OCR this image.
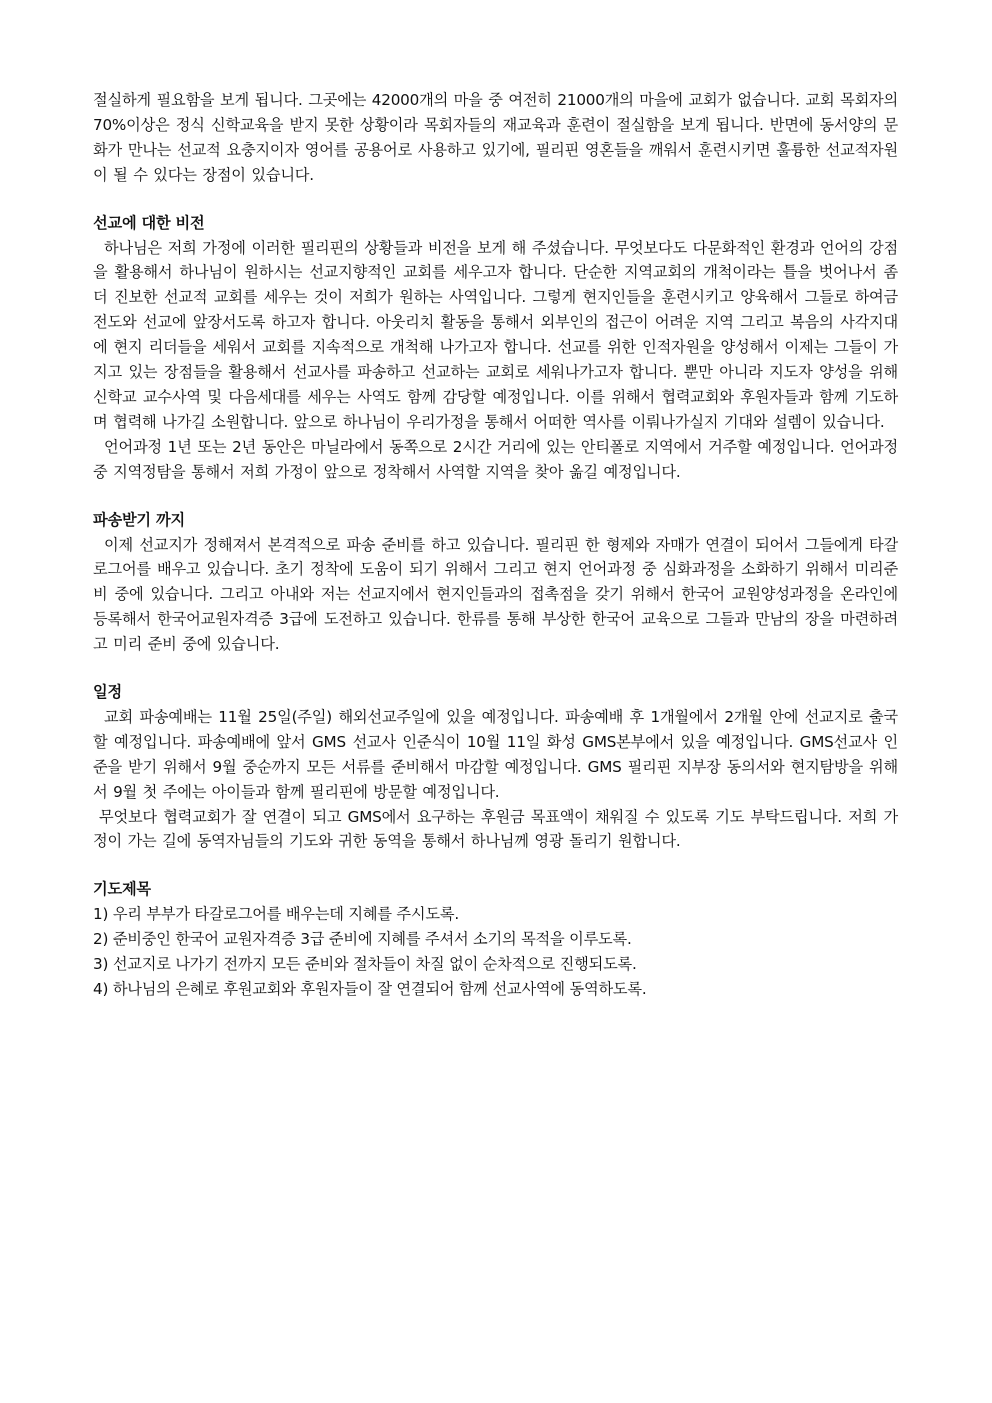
절실하게 필요함을 보게 됩니다. 그곳에는 42000개의 마을 중 여전히 21000개의 마을에 교회가 없습니다. 교회 목회자의 70%이상은 정식 신학교육을 받지 못한 상황이라 목회자들의 재교육과 훈련이 절실함을 보게 됩니다. 반면에 동서양의 문화가 만나는 선교적 요충지이자 영어를 공용어로 사용하고 있기에, 필리핀 영혼들을 깨워서 훈련시키면 훌륭한 선교적자원이 될 수 있다는 장점이 있습니다.

선교에 대한 비전

하나님은 저희 가정에 이러한 필리핀의 상황들과 비전을 보게 해 주셨습니다. 무엇보다도 다문화적인 환경과 언어의 강점을 활용해서 하나님이 원하시는 선교지향적인 교회를 세우고자 합니다. 단순한 지역교회의 개척이라는 틀을 벗어나서 좀 더 진보한 선교적 교회를 세우는 것이 저희가 원하는 사역입니다. 그렇게 현지인들을 훈련시키고 양육해서 그들로 하여금 전도와 선교에 앞장서도록 하고자 합니다. 아웃리치 활동을 통해서 외부인의 접근이 어려운 지역 그리고 복음의 사각지대에 현지 리더들을 세워서 교회를 지속적으로 개척해 나가고자 합니다. 선교를 위한 인적자원을 양성해서 이제는 그들이 가지고 있는 장점들을 활용해서 선교사를 파송하고 선교하는 교회로 세워나가고자 합니다. 뿐만 아니라 지도자 양성을 위해 신학교 교수사역 및 다음세대를 세우는 사역도 함께 감당할 예정입니다. 이를 위해서 협력교회와 후원자들과 함께 기도하며 협력해 나가길 소원합니다. 앞으로 하나님이 우리가정을 통해서 어떠한 역사를 이뤄나가실지 기대와 설렘이 있습니다.

언어과정 1년 또는 2년 동안은 마닐라에서 동쪽으로 2시간 거리에 있는 안티폴로 지역에서 거주할 예정입니다. 언어과정 중 지역정탐을 통해서 저희 가정이 앞으로 정착해서 사역할 지역을 찾아 옮길 예정입니다.

파송받기 까지

이제 선교지가 정해져서 본격적으로 파송 준비를 하고 있습니다. 필리핀 한 형제와 자매가 연결이 되어서 그들에게 타갈로그어를 배우고 있습니다. 초기 정착에 도움이 되기 위해서 그리고 현지 언어과정 중 심화과정을 소화하기 위해서 미리준비 중에 있습니다. 그리고 아내와 저는 선교지에서 현지인들과의 접촉점을 갖기 위해서 한국어 교원양성과정을 온라인에 등록해서 한국어교원자격증 3급에 도전하고 있습니다. 한류를 통해 부상한 한국어 교육으로 그들과 만남의 장을 마련하려고 미리 준비 중에 있습니다.

일정

교회 파송예배는 11월 25일(주일) 해외선교주일에 있을 예정입니다. 파송예배 후 1개월에서 2개월 안에 선교지로 출국할 예정입니다. 파송예배에 앞서 GMS 선교사 인준식이 10월 11일 화성 GMS본부에서 있을 예정입니다. GMS선교사 인준을 받기 위해서 9월 중순까지 모든 서류를 준비해서 마감할 예정입니다. GMS 필리핀 지부장 동의서와 현지탐방을 위해서 9월 첫 주에는 아이들과 함께 필리핀에 방문할 예정입니다.

무엇보다 협력교회가 잘 연결이 되고 GMS에서 요구하는 후원금 목표액이 채워질 수 있도록 기도 부탁드립니다. 저희 가정이 가는 길에 동역자님들의 기도와 귀한 동역을 통해서 하나님께 영광 돌리기 원합니다.

기도제목
1) 우리 부부가 타갈로그어를 배우는데 지혜를 주시도록.
2) 준비중인 한국어 교원자격증 3급 준비에 지혜를 주셔서 소기의 목적을 이루도록.
3) 선교지로 나가기 전까지 모든 준비와 절차들이 차질 없이 순차적으로 진행되도록.
4) 하나님의 은혜로 후원교회와 후원자들이 잘 연결되어 함께 선교사역에 동역하도록.
